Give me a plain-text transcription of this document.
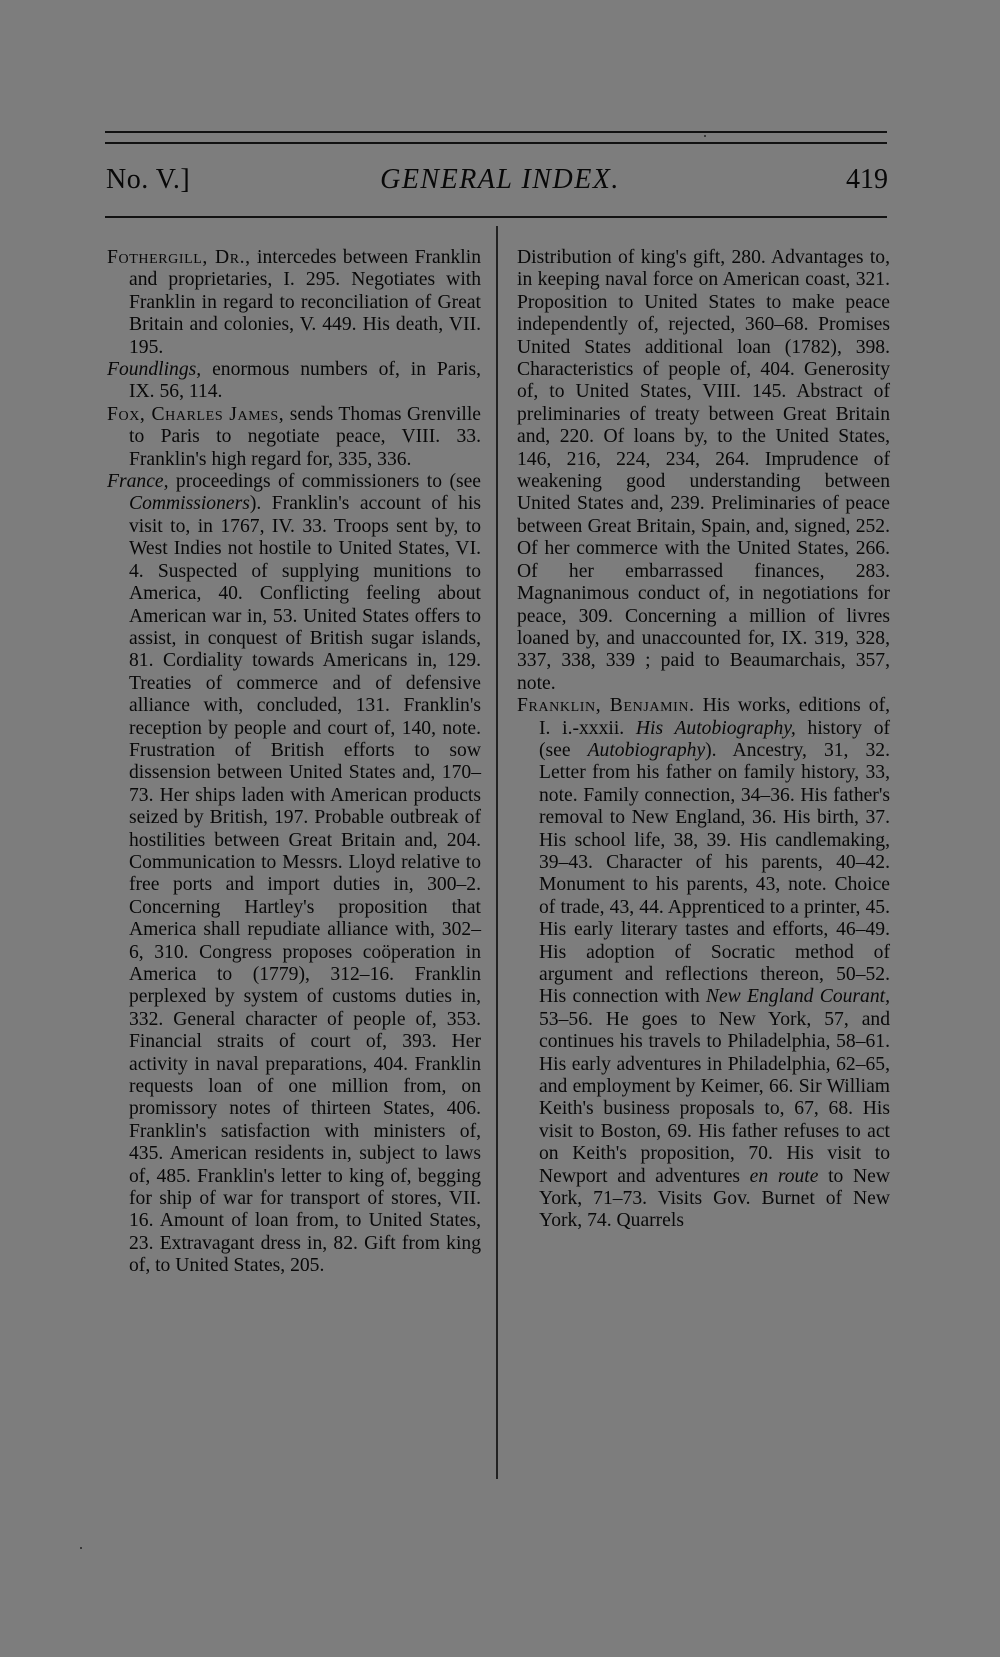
No. V.]	GENERAL INDEX.	419

Fothergill, Dr., intercedes between Franklin and proprietaries, I. 295. Negotiates with Franklin in regard to reconciliation of Great Britain and colonies, V. 449. His death, VII. 195.

Foundlings, enormous numbers of, in Paris, IX. 56, 114.

Fox, Charles James, sends Thomas Grenville to Paris to negotiate peace, VIII. 33. Franklin's high regard for, 335, 336.

France, proceedings of commissioners to (see Commissioners). Franklin's account of his visit to, in 1767, IV. 33. Troops sent by, to West Indies not hostile to United States, VI. 4. Suspected of supplying munitions to America, 40. Conflicting feeling about American war in, 53. United States offers to assist, in conquest of British sugar islands, 81. Cordiality towards Americans in, 129. Treaties of commerce and of defensive alliance with, concluded, 131. Franklin's reception by people and court of, 140, note. Frustration of British efforts to sow dissension between United States and, 170–73. Her ships laden with American products seized by British, 197. Probable outbreak of hostilities between Great Britain and, 204. Communication to Messrs. Lloyd relative to free ports and import duties in, 300–2. Concerning Hartley's proposition that America shall repudiate alliance with, 302–6, 310. Congress proposes coöperation in America to (1779), 312–16. Franklin perplexed by system of customs duties in, 332. General character of people of, 353. Financial straits of court of, 393. Her activity in naval preparations, 404. Franklin requests loan of one million from, on promissory notes of thirteen States, 406. Franklin's satisfaction with ministers of, 435. American residents in, subject to laws of, 485. Franklin's letter to king of, begging for ship of war for transport of stores, VII. 16. Amount of loan from, to United States, 23. Extravagant dress in, 82. Gift from king of, to United States, 205.

Distribution of king's gift, 280. Advantages to, in keeping naval force on American coast, 321. Proposition to United States to make peace independently of, rejected, 360–68. Promises United States additional loan (1782), 398. Characteristics of people of, 404. Generosity of, to United States, VIII. 145. Abstract of preliminaries of treaty between Great Britain and, 220. Of loans by, to the United States, 146, 216, 224, 234, 264. Imprudence of weakening good understanding between United States and, 239. Preliminaries of peace between Great Britain, Spain, and, signed, 252. Of her commerce with the United States, 266. Of her embarrassed finances, 283. Magnanimous conduct of, in negotiations for peace, 309. Concerning a million of livres loaned by, and unaccounted for, IX. 319, 328, 337, 338, 339 ; paid to Beaumarchais, 357, note.

Franklin, Benjamin. His works, editions of, I. i.-xxxii. His Autobiography, history of (see Autobiography). Ancestry, 31, 32. Letter from his father on family history, 33, note. Family connection, 34–36. His father's removal to New England, 36. His birth, 37. His school life, 38, 39. His candlemaking, 39–43. Character of his parents, 40–42. Monument to his parents, 43, note. Choice of trade, 43, 44. Apprenticed to a printer, 45. His early literary tastes and efforts, 46–49. His adoption of Socratic method of argument and reflections thereon, 50–52. His connection with New England Courant, 53–56. He goes to New York, 57, and continues his travels to Philadelphia, 58–61. His early adventures in Philadelphia, 62–65, and employment by Keimer, 66. Sir William Keith's business proposals to, 67, 68. His visit to Boston, 69. His father refuses to act on Keith's proposition, 70. His visit to Newport and adventures en route to New York, 71–73. Visits Gov. Burnet of New York, 74. Quarrels
